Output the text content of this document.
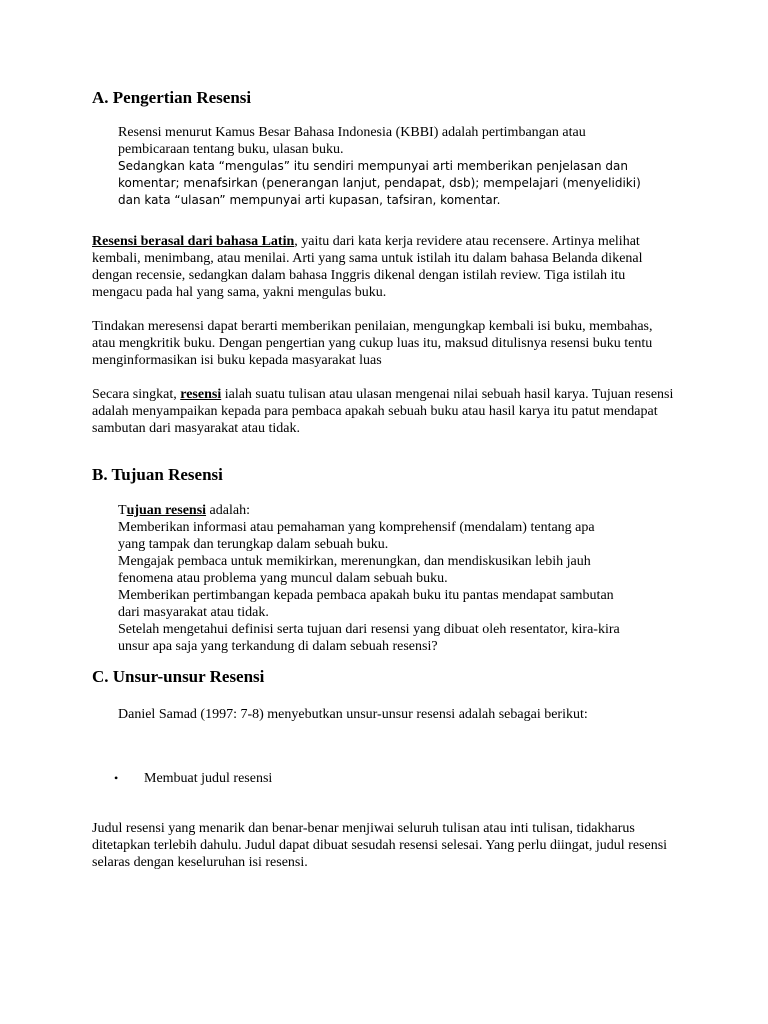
A. Pengertian Resensi

Resensi menurut Kamus Besar Bahasa Indonesia (KBBI) adalah pertimbangan atau

pembicaraan tentang buku, ulasan buku.

Sedangkan kata “mengulas” itu sendiri mempunyai arti memberikan penjelasan dan

komentar; menafsirkan (penerangan lanjut, pendapat, dsb); mempelajari (menyelidiki)

dan kata “ulasan” mempunyai arti kupasan, tafsiran, komentar.

Resensi berasal dari bahasa Latin, yaitu dari kata kerja revidere atau recensere. Artinya melihat kembali, menimbang, atau menilai. Arti yang sama untuk istilah itu dalam bahasa Belanda dikenal dengan recensie, sedangkan dalam bahasa Inggris dikenal dengan istilah review. Tiga istilah itu mengacu pada hal yang sama, yakni mengulas buku.

Tindakan meresensi dapat berarti memberikan penilaian, mengungkap kembali isi buku, membahas, atau mengkritik buku. Dengan pengertian yang cukup luas itu, maksud ditulisnya resensi buku tentu menginformasikan isi buku kepada masyarakat luas

Secara singkat, resensi ialah suatu tulisan atau ulasan mengenai nilai sebuah hasil karya. Tujuan resensi adalah menyampaikan kepada para pembaca apakah sebuah buku atau hasil karya itu patut mendapat sambutan dari masyarakat atau tidak.

B. Tujuan Resensi

Tujuan resensi adalah:

Memberikan informasi atau pemahaman yang komprehensif (mendalam) tentang apa

yang tampak dan terungkap dalam sebuah buku.

Mengajak pembaca untuk memikirkan, merenungkan, dan mendiskusikan lebih jauh

fenomena atau problema yang muncul dalam sebuah buku.

Memberikan pertimbangan kepada pembaca apakah buku itu pantas mendapat sambutan

dari masyarakat atau tidak.

Setelah mengetahui definisi serta tujuan dari resensi yang dibuat oleh resentator, kira-kira

unsur apa saja yang terkandung di dalam sebuah resensi?

C. Unsur-unsur Resensi

Daniel Samad (1997: 7-8) menyebutkan unsur-unsur resensi adalah sebagai berikut:

•	Membuat judul resensi

Judul resensi yang menarik dan benar-benar menjiwai seluruh tulisan atau inti tulisan, tidakharus ditetapkan terlebih dahulu. Judul dapat dibuat sesudah resensi selesai. Yang perlu diingat, judul resensi selaras dengan keseluruhan isi resensi.
